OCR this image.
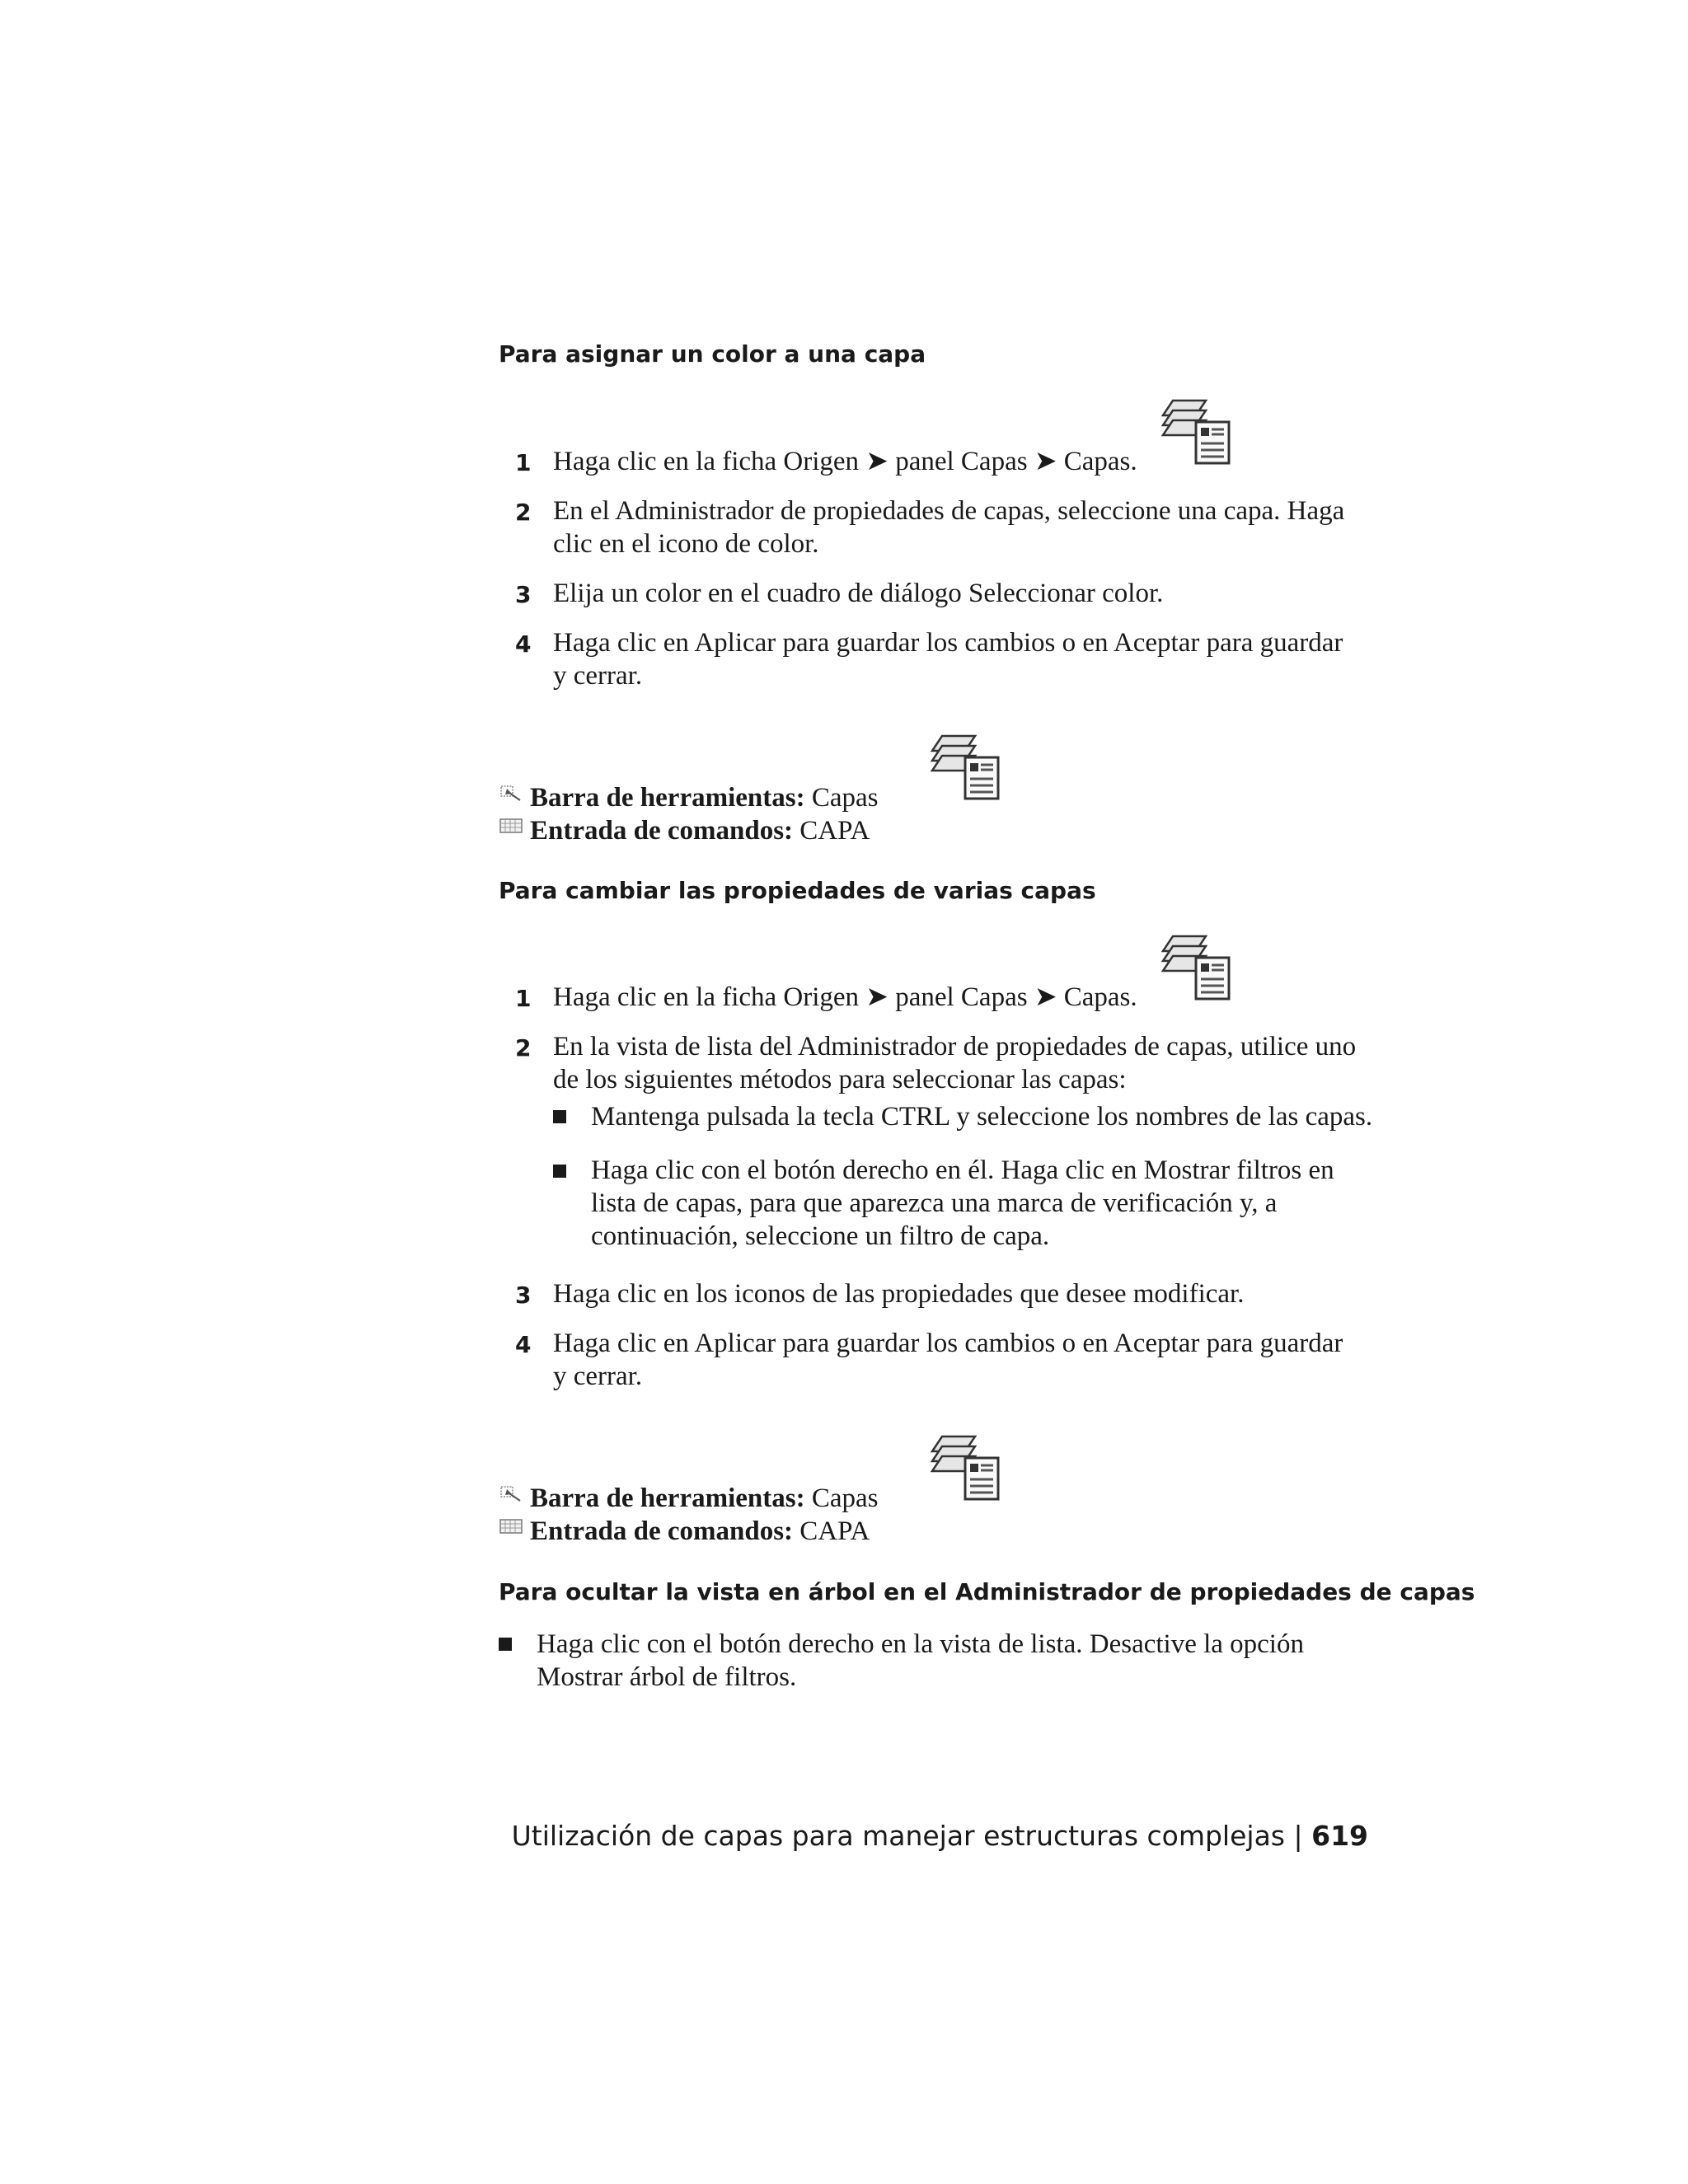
Para asignar un color a una capa
1 Haga clic en la ficha Origen ➤ panel Capas ➤ Capas.
2 En el Administrador de propiedades de capas, seleccione una capa. Haga
clic en el icono de color.
3 Elija un color en el cuadro de diálogo Seleccionar color.
4 Haga clic en Aplicar para guardar los cambios o en Aceptar para guardar
y cerrar.
Barra de herramientas: Capas
Entrada de comandos: CAPA
Para cambiar las propiedades de varias capas
1 Haga clic en la ficha Origen ➤ panel Capas ➤ Capas.
2 En la vista de lista del Administrador de propiedades de capas, utilice uno
de los siguientes métodos para seleccionar las capas:
Mantenga pulsada la tecla CTRL y seleccione los nombres de las capas.
Haga clic con el botón derecho en él. Haga clic en Mostrar filtros en
lista de capas, para que aparezca una marca de verificación y, a
continuación, seleccione un filtro de capa.
3 Haga clic en los iconos de las propiedades que desee modificar.
4 Haga clic en Aplicar para guardar los cambios o en Aceptar para guardar
y cerrar.
Barra de herramientas: Capas
Entrada de comandos: CAPA
Para ocultar la vista en árbol en el Administrador de propiedades de capas
Haga clic con el botón derecho en la vista de lista. Desactive la opción
Mostrar árbol de filtros.
Utilización de capas para manejar estructuras complejas | 619
